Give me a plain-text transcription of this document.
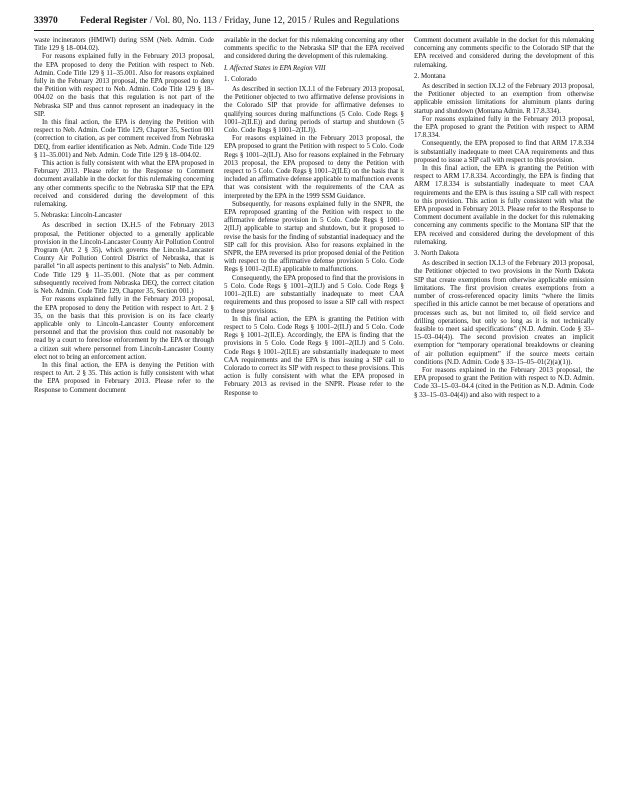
33970 Federal Register / Vol. 80, No. 113 / Friday, June 12, 2015 / Rules and Regulations

waste incinerators (HMIWI) during SSM (Neb. Admin. Code Title 129 § 18–004.02).

For reasons explained fully in the February 2013 proposal, the EPA proposed to deny the Petition with respect to Neb. Admin. Code Title 129 § 11–35.001. Also for reasons explained fully in the February 2013 proposal, the EPA proposed to deny the Petition with respect to Neb. Admin. Code Title 129 § 18–004.02 on the basis that this regulation is not part of the Nebraska SIP and thus cannot represent an inadequacy in the SIP.

In this final action, the EPA is denying the Petition with respect to Neb. Admin. Code Title 129, Chapter 35, Section 001 (correction to citation, as per comment received from Nebraska DEQ, from earlier identification as Neb. Admin. Code Title 129 § 11–35.001) and Neb. Admin. Code Title 129 § 18–004.02.

This action is fully consistent with what the EPA proposed in February 2013. Please refer to the Response to Comment document available in the docket for this rulemaking concerning any other comments specific to the Nebraska SIP that the EPA received and considered during the development of this rulemaking.

5. Nebraska: Lincoln-Lancaster

As described in section IX.H.5 of the February 2013 proposal, the Petitioner objected to a generally applicable provision in the Lincoln-Lancaster County Air Pollution Control Program (Art. 2 § 35), which governs the Lincoln-Lancaster County Air Pollution Control District of Nebraska, that is parallel “in all aspects pertinent to this analysis” to Neb. Admin. Code Title 129 § 11–35.001. (Note that as per comment subsequently received from Nebraska DEQ, the correct citation is Neb. Admin. Code Title 129, Chapter 35, Section 001.)

For reasons explained fully in the February 2013 proposal, the EPA proposed to deny the Petition with respect to Art. 2 § 35, on the basis that this provision is on its face clearly applicable only to Lincoln-Lancaster County enforcement personnel and that the provision thus could not reasonably be read by a court to foreclose enforcement by the EPA or through a citizen suit where personnel from Lincoln-Lancaster County elect not to bring an enforcement action.

In this final action, the EPA is denying the Petition with respect to Art. 2 § 35. This action is fully consistent with what the EPA proposed in February 2013. Please refer to the Response to Comment document

available in the docket for this rulemaking concerning any other comments specific to the Nebraska SIP that the EPA received and considered during the development of this rulemaking.

I. Affected States in EPA Region VIII
1. Colorado

As described in section IX.I.1 of the February 2013 proposal, the Petitioner objected to two affirmative defense provisions in the Colorado SIP that provide for affirmative defenses to qualifying sources during malfunctions (5 Colo. Code Regs § 1001–2(II.E)) and during periods of startup and shutdown (5 Colo. Code Regs § 1001–2(II.J)).

For reasons explained in the February 2013 proposal, the EPA proposed to grant the Petition with respect to 5 Colo. Code Regs § 1001–2(II.J). Also for reasons explained in the February 2013 proposal, the EPA proposed to deny the Petition with respect to 5 Colo. Code Regs § 1001–2(II.E) on the basis that it included an affirmative defense applicable to malfunction events that was consistent with the requirements of the CAA as interpreted by the EPA in the 1999 SSM Guidance.

Subsequently, for reasons explained fully in the SNPR, the EPA reproposed granting of the Petition with respect to the affirmative defense provision in 5 Colo. Code Regs § 1001–2(II.J) applicable to startup and shutdown, but it proposed to revise the basis for the finding of substantial inadequacy and the SIP call for this provision. Also for reasons explained in the SNPR, the EPA reversed its prior proposed denial of the Petition with respect to the affirmative defense provision 5 Colo. Code Regs § 1001–2(II.E) applicable to malfunctions.

Consequently, the EPA proposed to find that the provisions in 5 Colo. Code Regs § 1001–2(II.J) and 5 Colo. Code Regs § 1001–2(II.E) are substantially inadequate to meet CAA requirements and thus proposed to issue a SIP call with respect to these provisions.

In this final action, the EPA is granting the Petition with respect to 5 Colo. Code Regs § 1001–2(II.J) and 5 Colo. Code Regs § 1001–2(II.E). Accordingly, the EPA is finding that the provisions in 5 Colo. Code Regs § 1001–2(II.J) and 5 Colo. Code Regs § 1001–2(II.E) are substantially inadequate to meet CAA requirements and the EPA is thus issuing a SIP call to Colorado to correct its SIP with respect to these provisions. This action is fully consistent with what the EPA proposed in February 2013 as revised in the SNPR. Please refer to the Response to

Comment document available in the docket for this rulemaking concerning any comments specific to the Colorado SIP that the EPA received and considered during the development of this rulemaking.

2. Montana

As described in section IX.I.2 of the February 2013 proposal, the Petitioner objected to an exemption from otherwise applicable emission limitations for aluminum plants during startup and shutdown (Montana Admin. R 17.8.334).

For reasons explained fully in the February 2013 proposal, the EPA proposed to grant the Petition with respect to ARM 17.8.334.

Consequently, the EPA proposed to find that ARM 17.8.334 is substantially inadequate to meet CAA requirements and thus proposed to issue a SIP call with respect to this provision.

In this final action, the EPA is granting the Petition with respect to ARM 17.8.334. Accordingly, the EPA is finding that ARM 17.8.334 is substantially inadequate to meet CAA requirements and the EPA is thus issuing a SIP call with respect to this provision. This action is fully consistent with what the EPA proposed in February 2013. Please refer to the Response to Comment document available in the docket for this rulemaking concerning any comments specific to the Montana SIP that the EPA received and considered during the development of this rulemaking.

3. North Dakota

As described in section IX.I.3 of the February 2013 proposal, the Petitioner objected to two provisions in the North Dakota SIP that create exemptions from otherwise applicable emission limitations. The first provision creates exemptions from a number of cross-referenced opacity limits “where the limits specified in this article cannot be met because of operations and processes such as, but not limited to, oil field service and drilling operations, but only so long as it is not technically feasible to meet said specifications” (N.D. Admin. Code § 33–15–03–04(4)). The second provision creates an implicit exemption for “temporary operational breakdowns or cleaning of air pollution equipment” if the source meets certain conditions (N.D. Admin. Code § 33–15–05–01(2)(a)(1)).

For reasons explained in the February 2013 proposal, the EPA proposed to grant the Petition with respect to N.D. Admin. Code 33–15–03–04.4 (cited in the Petition as N.D. Admin. Code § 33–15–03–04(4)) and also with respect to a
